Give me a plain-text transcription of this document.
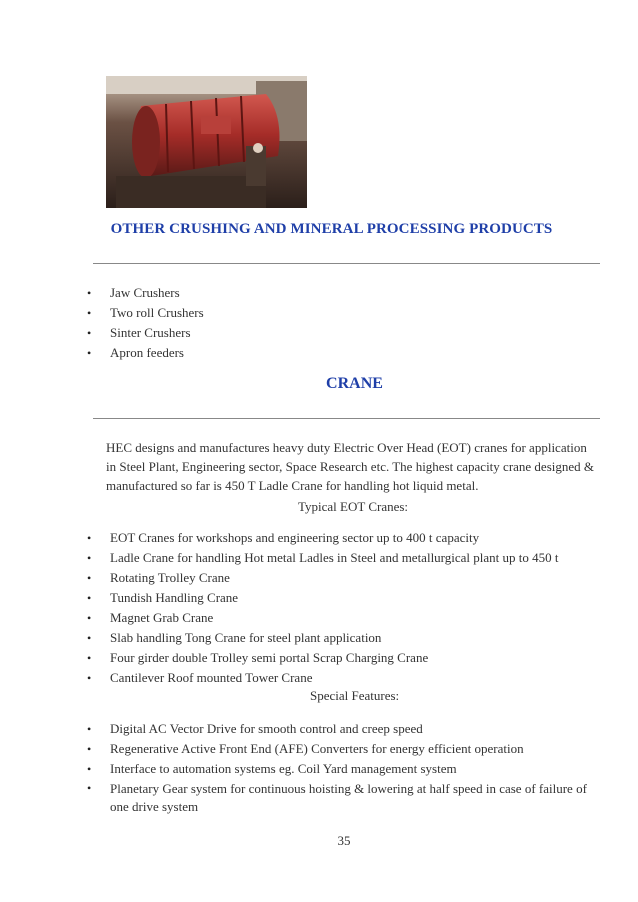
OTHER CRUSHING AND MINERAL PROCESSING PRODUCTS
• Jaw Crushers
• Two roll Crushers
• Sinter Crushers
• Apron feeders
CRANE

HEC designs and manufactures heavy duty Electric Over Head (EOT) cranes for application in Steel Plant, Engineering sector, Space Research etc. The highest capacity crane designed & manufactured so far is 450 T Ladle Crane for handling hot liquid metal.

Typical EOT Cranes:
• EOT Cranes for workshops and engineering sector up to 400 t capacity
• Ladle Crane for handling Hot metal Ladles in Steel and metallurgical plant up to 450 t
• Rotating Trolley Crane
• Tundish Handling Crane
• Magnet Grab Crane
• Slab handling Tong Crane for steel plant application
• Four girder double Trolley semi portal Scrap Charging Crane
• Cantilever Roof mounted Tower Crane
Special Features:
• Digital AC Vector Drive for smooth control and creep speed
• Regenerative Active Front End (AFE) Converters for energy efficient operation
• Interface to automation systems eg. Coil Yard management system
• Planetary Gear system for continuous hoisting & lowering at half speed in case of failure of one drive system
35
